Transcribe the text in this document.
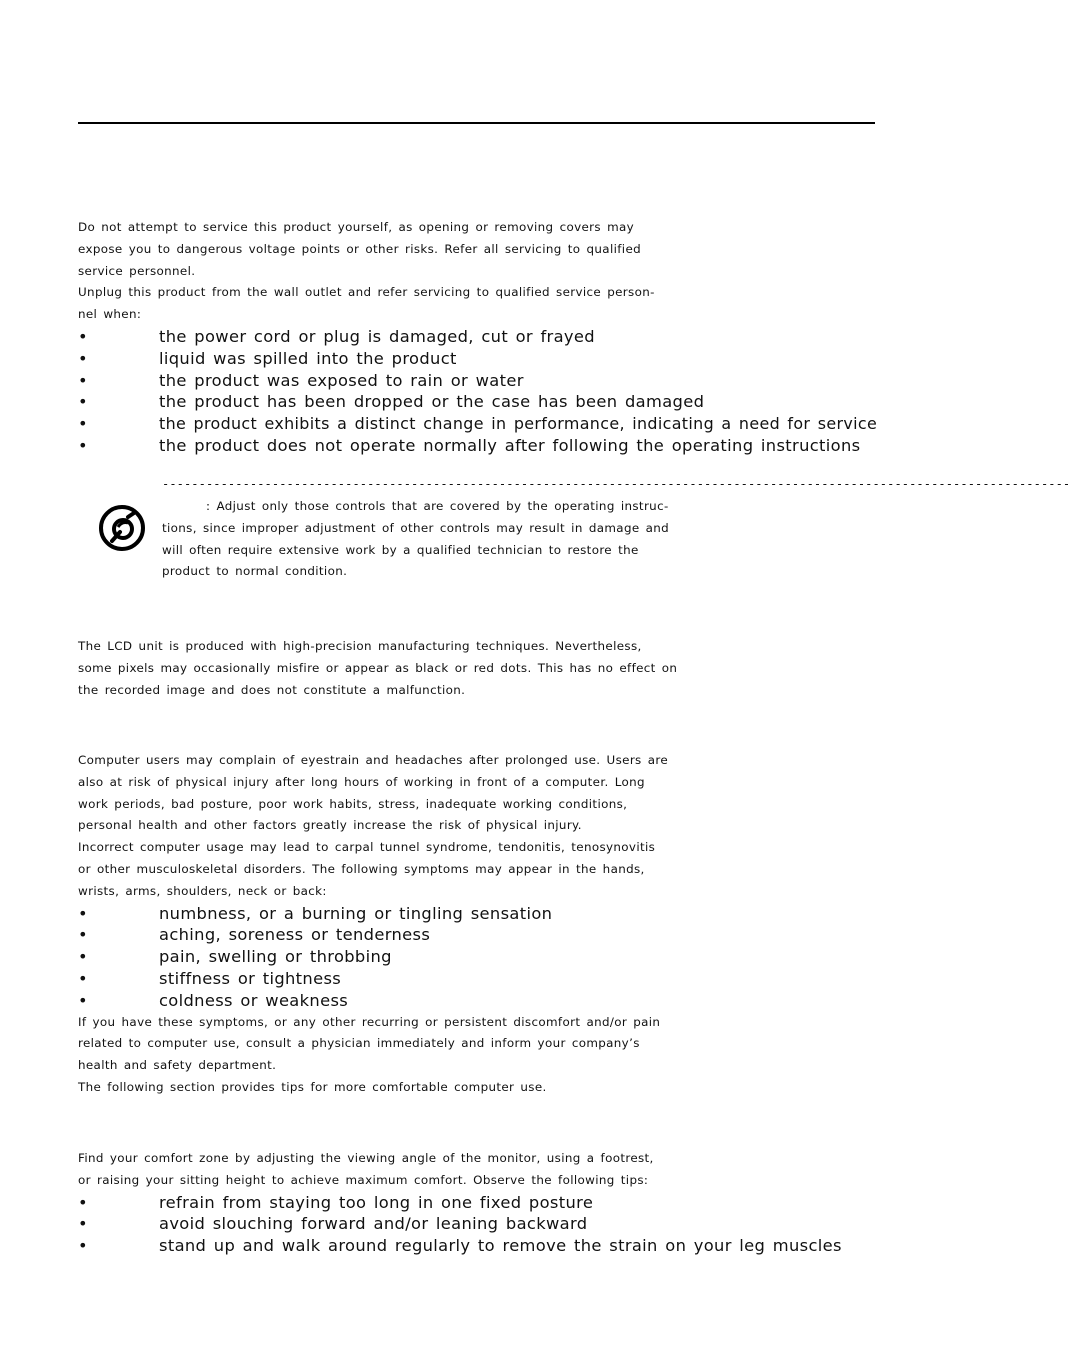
Do not attempt to service this product yourself, as opening or removing covers may
expose you to dangerous voltage points or other risks. Refer all servicing to qualified
service personnel.
Unplug this product from the wall outlet and refer servicing to qualified service person-
nel when:
•	the power cord or plug is damaged, cut or frayed
•	liquid was spilled into the product
•	the product was exposed to rain or water
•	the product has been dropped or the case has been damaged
•	the product exhibits a distinct change in performance, indicating a need for service
•	the product does not operate normally after following the operating instructions
----------------------------------------------------------------------------------------------------------------------------
: Adjust only those controls that are covered by the operating instruc-
tions, since improper adjustment of other controls may result in damage and
will often require extensive work by a qualified technician to restore the
product to normal condition.
The LCD unit is produced with high-precision manufacturing techniques. Nevertheless,
some pixels may occasionally misfire or appear as black or red dots. This has no effect on
the recorded image and does not constitute a malfunction.
Computer users may complain of eyestrain and headaches after prolonged use. Users are
also at risk of physical injury after long hours of working in front of a computer. Long
work periods, bad posture, poor work habits, stress, inadequate working conditions,
personal health and other factors greatly increase the risk of physical injury.
Incorrect computer usage may lead to carpal tunnel syndrome, tendonitis, tenosynovitis
or other musculoskeletal disorders. The following symptoms may appear in the hands,
wrists, arms, shoulders, neck or back:
•	numbness, or a burning or tingling sensation
•	aching, soreness or tenderness
•	pain, swelling or throbbing
•	stiffness or tightness
•	coldness or weakness
If you have these symptoms, or any other recurring or persistent discomfort and/or pain
related to computer use, consult a physician immediately and inform your company’s
health and safety department.
The following section provides tips for more comfortable computer use.
Find your comfort zone by adjusting the viewing angle of the monitor, using a footrest,
or raising your sitting height to achieve maximum comfort. Observe the following tips:
•	refrain from staying too long in one fixed posture
•	avoid slouching forward and/or leaning backward
•	stand up and walk around regularly to remove the strain on your leg muscles
